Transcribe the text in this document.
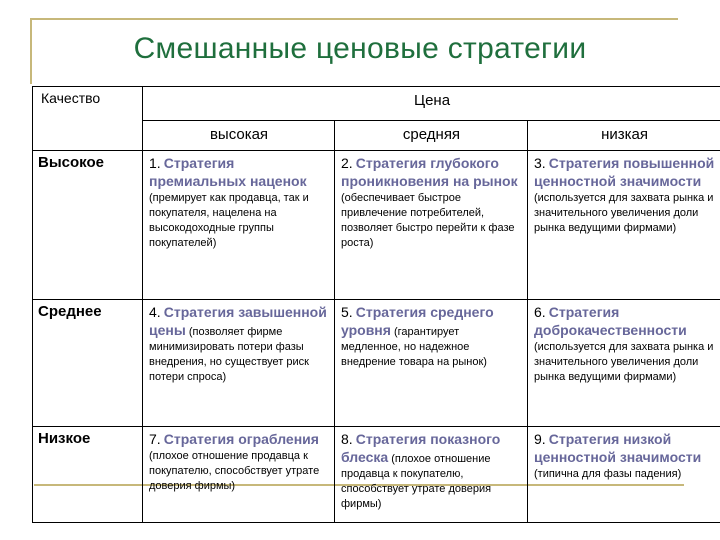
Смешанные ценовые стратегии
Качество	Цена		
	высокая	средняя	низкая
Высокое	1. Стратегия премиальных наценок (премирует как продавца, так и покупателя, нацелена на высокодоходные группы покупателей)	2. Стратегия глубокого проникновения на рынок (обеспечивает быстрое привлечение потребителей, позволяет быстро перейти к фазе роста)	3. Стратегия повышенной ценностной значимости (используется для захвата рынка и значительного увеличения доли рынка ведущими фирмами)
Среднее	4. Стратегия завышенной цены (позволяет фирме минимизировать потери фазы внедрения, но существует риск потери спроса)	5. Стратегия среднего уровня (гарантирует медленное, но надежное внедрение товара на рынок)	6. Стратегия доброкачественности (используется для захвата рынка и значительного увеличения доли рынка ведущими фирмами)
Низкое	7. Стратегия ограбления (плохое отношение продавца к покупателю, способствует утрате доверия фирмы)	8. Стратегия показного блеска (плохое отношение продавца к покупателю, способствует утрате доверия фирмы)	9. Стратегия низкой ценностной значимости (типична для фазы падения)
